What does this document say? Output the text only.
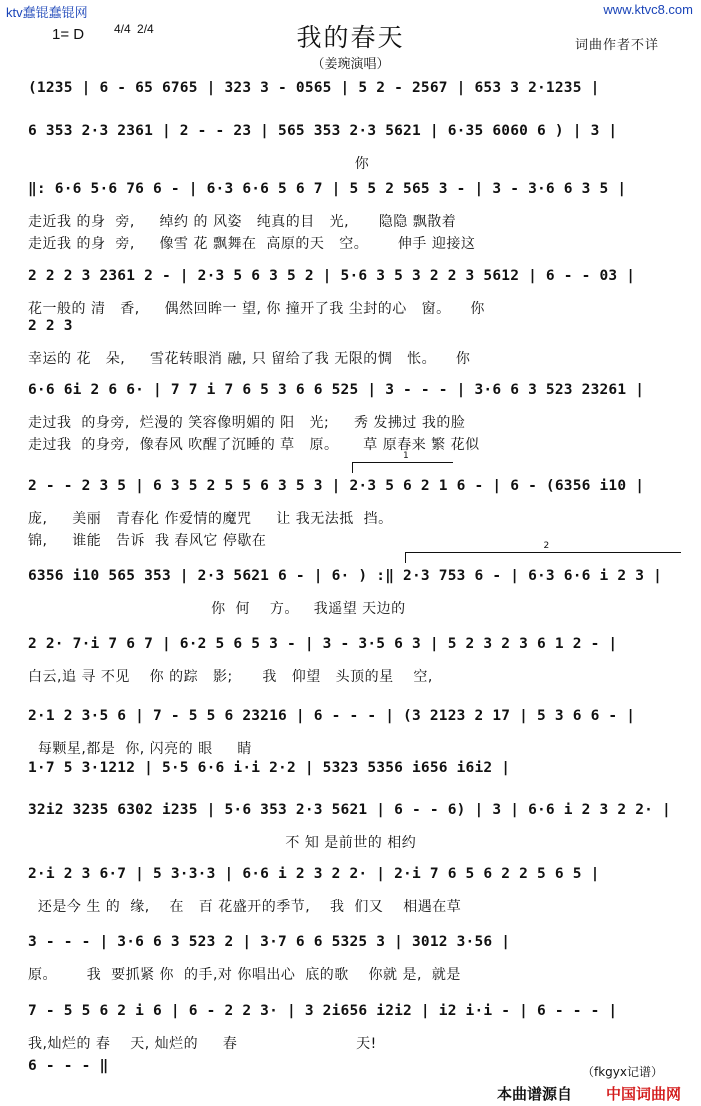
ktv蠢锟蠢锟网	www.ktvc8.com
1= D 4/4 2/4	我的春天
（姜琬演唱）
词曲作者不详
(1235 | 6 - 65 6765 | 323 3 - 0565 | 5 2 - 2567 | 653 3 2·1235 |
6 353 2·3 2361 | 2 - - 23 | 565 353 2·3 5621 | 6·35 6060 6 ) | 3 |
你
‖: 6·6 5·6 76 6 - | 6·3 6·6 5 6 7 | 5 5 2 565 3 - | 3 - 3·6 6 3 5 |
走近我 的身  旁,     绰约 的 风姿   纯真的目   光,      隐隐 飘散着
走近我 的身  旁,     像雪 花 飘舞在  高原的天   空。      伸手 迎接这
2 2 2 3 2361 2 - | 2·3 5 6 3 5 2 | 5·6 3 5 3 2 2 3 5612 | 6 - - 03 |
花一般的 清   香,     偶然回眸一 望, 你 撞开了我 尘封的心   窗。    你
2 2 3
幸运的 花   朵,     雪花转眼消 融, 只 留给了我 无限的惆   怅。    你
6·6 6i 2 6 6· | 7 7 i 7 6 5 3 6 6 525 | 3 - - - | 3·6 6 3 523 23261 |
走过我  的身旁,  烂漫的 笑容像明媚的 阳   光;     秀 发拂过 我的脸
走过我  的身旁,  像春风 吹醒了沉睡的 草   原。     草 原春来 繁 花似
2 - - 2 3 5 | 6 3 5 2 5 5 6 3 5 3 | 2·3 5 6 2 1 6 - | 6 - (6356 i10 |
庞,     美丽   青春化 作爱情的魔咒     让 我无法抵  挡。
锦,     谁能   告诉  我 春风它 停歇在
6356 i10 565 353 | 2·3 5621 6 - | 6· ) :‖ 2·3 753 6 - | 6·3 6·6 i 2 3 |
你  何    方。   我遥望 天边的
2 2· 7·i 7 6 7 | 6·2 5 6 5 3 - | 3 - 3·5 6 3 | 5 2 3 2 3 6 1 2 - |
白云,追 寻 不见    你 的踪   影;      我   仰望   头顶的星    空,
2·1 2 3·5 6 | 7 - 5 5 6 23216 | 6 - - - | (3 2123 2 17 | 5 3 6 6 - |
每颗星,都是  你, 闪亮的 眼     睛
1·7 5 3·1212 | 5·5 6·6 i·i 2·2 | 5323 5356 i656 i6i2 |
32i2 3235 6302 i235 | 5·6 353 2·3 5621 | 6 - - 6) | 3 | 6·6 i 2 3 2 2· |
不 知 是前世的 相约
2·i 2 3 6·7 | 5 3·3·3 | 6·6 i 2 3 2 2· | 2·i 7 6 5 6 2 2 5 6 5 |
还是今 生 的  缘,    在   百 花盛开的季节,    我  们又    相遇在草
3 - - - | 3·6 6 3 523 2 | 3·7 6 6 5325 3 | 3012 3·56 |
原。      我  要抓紧 你  的手,对 你唱出心  底的歌    你就 是,  就是
7 - 5 5 6 2 i 6 | 6 - 2 2 3· | 3 2i656 i2i2 | i2 i·i - | 6 - - - |
我,灿烂的 春    天, 灿烂的     春                        天!
6 - - - ‖
1
2
（fkgyx记谱）
本曲谱源自 中国词曲网
